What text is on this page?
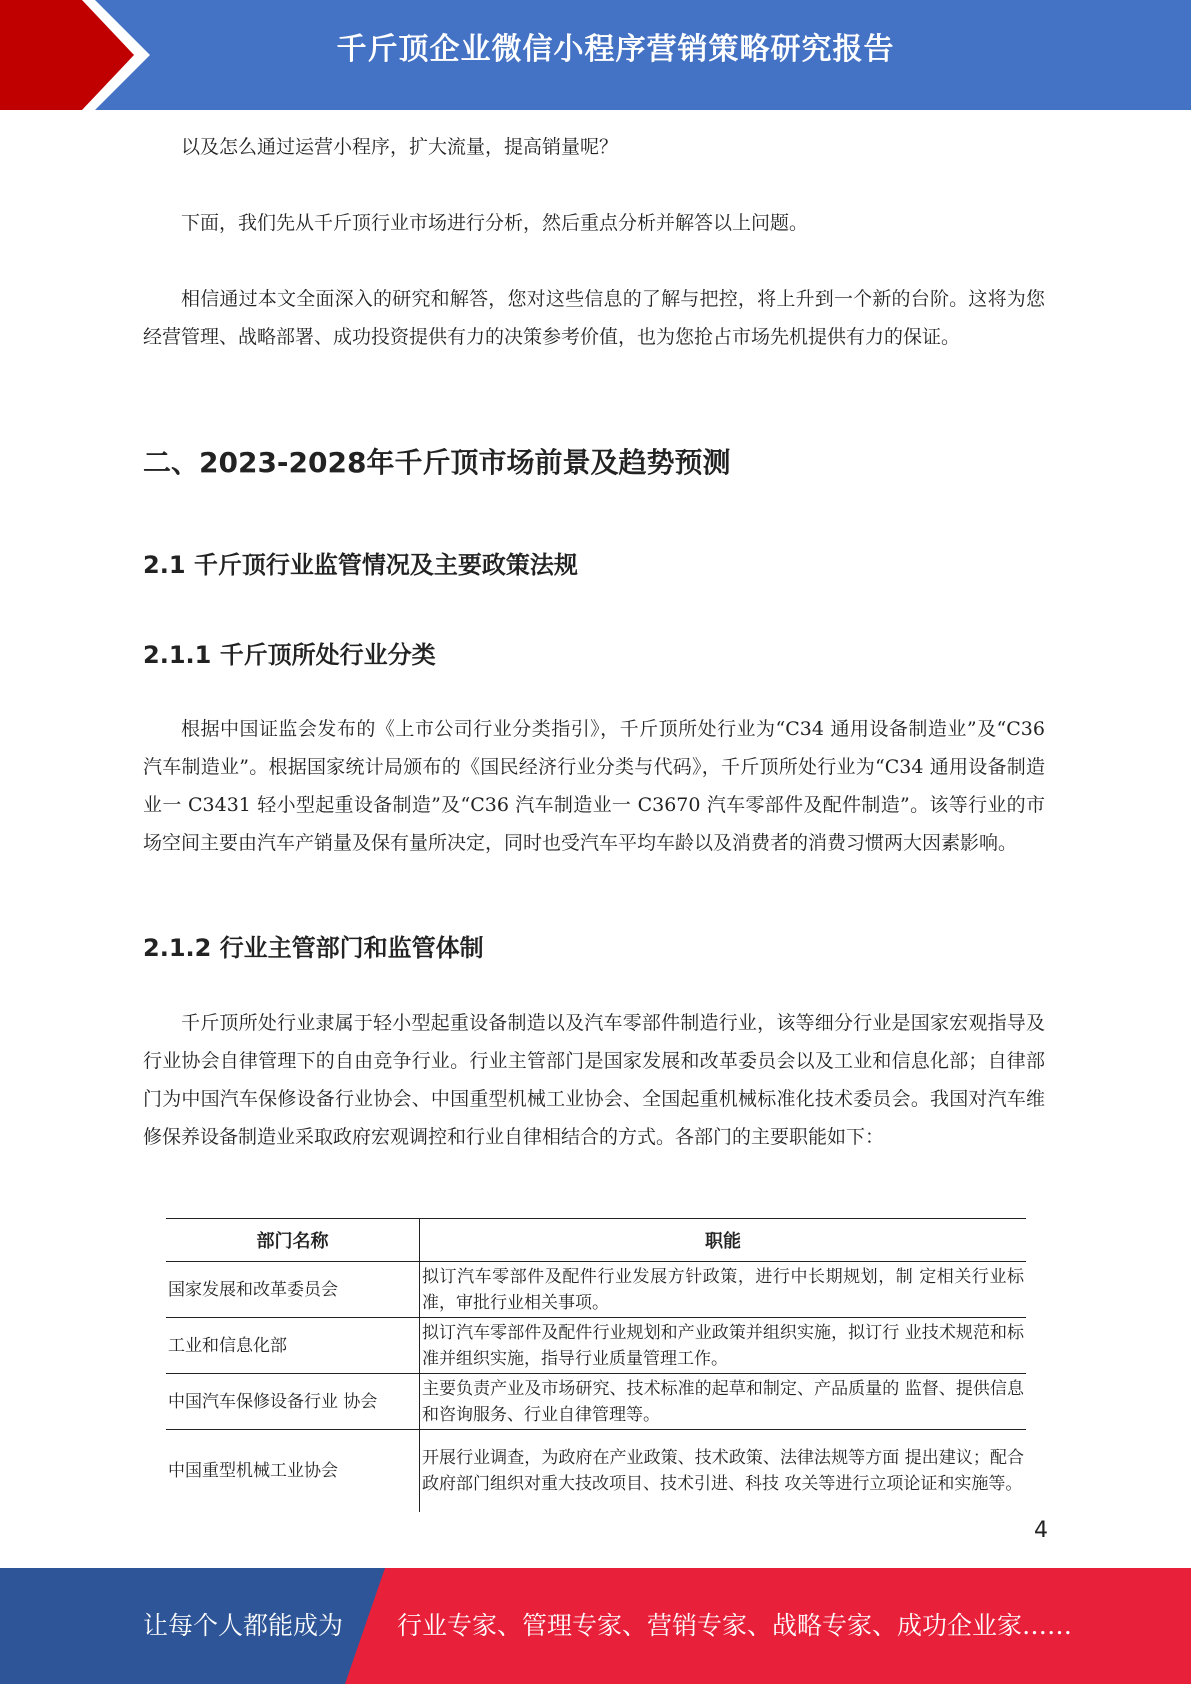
千斤顶企业微信小程序营销策略研究报告

以及怎么通过运营小程序，扩大流量，提高销量呢？

下面，我们先从千斤顶行业市场进行分析，然后重点分析并解答以上问题。

相信通过本文全面深入的研究和解答，您对这些信息的了解与把控，将上升到一个新的台阶。这将为您经营管理、战略部署、成功投资提供有力的决策参考价值，也为您抢占市场先机提供有力的保证。

二、2023-2028年千斤顶市场前景及趋势预测
2.1 千斤顶行业监管情况及主要政策法规
2.1.1 千斤顶所处行业分类

根据中国证监会发布的《上市公司行业分类指引》，千斤顶所处行业为“C34 通用设备制造业”及“C36 汽车制造业”。根据国家统计局颁布的《国民经济行业分类与代码》，千斤顶所处行业为“C34 通用设备制造业一 C3431 轻小型起重设备制造”及“C36 汽车制造业一 C3670 汽车零部件及配件制造”。该等行业的市场空间主要由汽车产销量及保有量所决定，同时也受汽车平均车龄以及消费者的消费习惯两大因素影响。

2.1.2 行业主管部门和监管体制

千斤顶所处行业隶属于轻小型起重设备制造以及汽车零部件制造行业，该等细分行业是国家宏观指导及行业协会自律管理下的自由竞争行业。行业主管部门是国家发展和改革委员会以及工业和信息化部；自律部门为中国汽车保修设备行业协会、中国重型机械工业协会、全国起重机械标准化技术委员会。我国对汽车维修保养设备制造业采取政府宏观调控和行业自律相结合的方式。各部门的主要职能如下：

部门名称	职能
国家发展和改革委员会	拟订汽车零部件及配件行业发展方针政策，进行中长期规划，制 定相关行业标准，审批行业相关事项。
工业和信息化部	拟订汽车零部件及配件行业规划和产业政策并组织实施，拟订行 业技术规范和标准并组织实施，指导行业质量管理工作。
中国汽车保修设备行业 协会	主要负责产业及市场研究、技术标准的起草和制定、产品质量的 监督、提供信息和咨询服务、行业自律管理等。
中国重型机械工业协会	开展行业调查，为政府在产业政策、技术政策、法律法规等方面 提出建议；配合政府部门组织对重大技改项目、技术引进、科技 攻关等进行立项论证和实施等。
4
让每个人都能成为 行业专家、管理专家、营销专家、战略专家、成功企业家……
